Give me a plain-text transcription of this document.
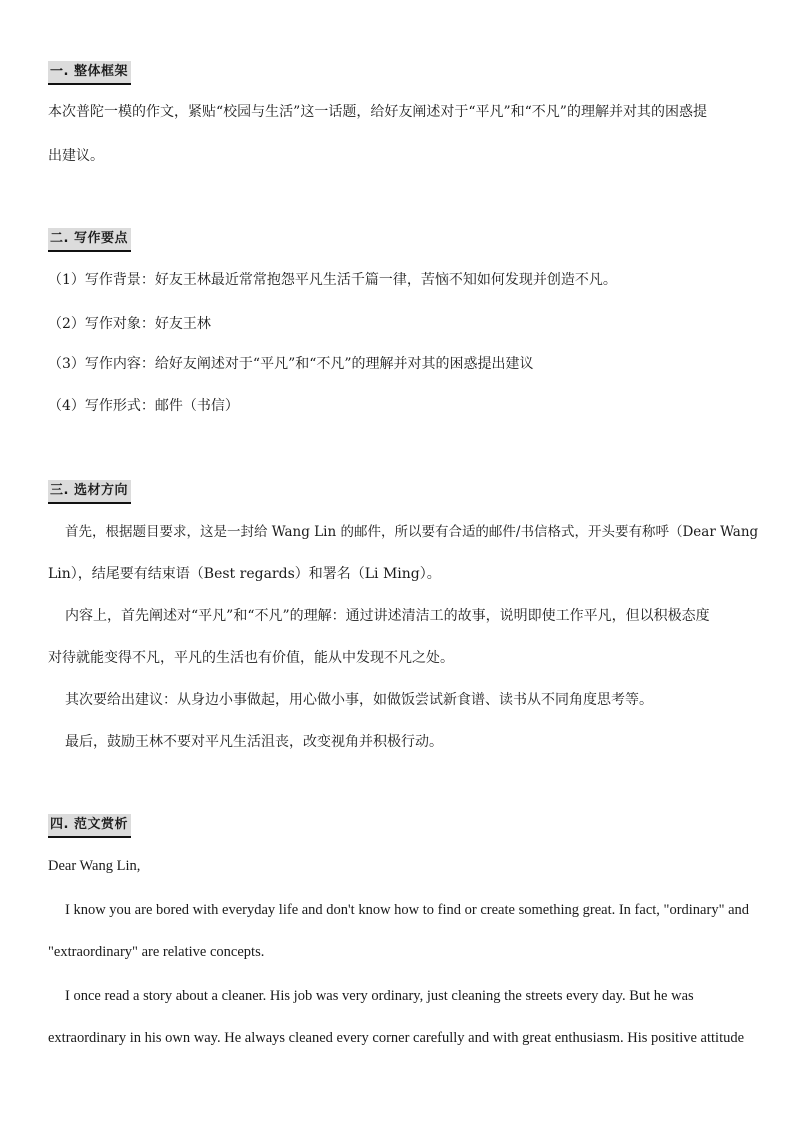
一. 整体框架
本次普陀一模的作文，紧贴“校园与生活”这一话题，给好友阐述对于“平凡”和“不凡”的理解并对其的困惑提
出建议。
二. 写作要点
（1）写作背景：好友王林最近常常抱怨平凡生活千篇一律，苦恼不知如何发现并创造不凡。
（2）写作对象：好友王林
（3）写作内容：给好友阐述对于“平凡”和“不凡”的理解并对其的困惑提出建议
（4）写作形式：邮件（书信）
三. 选材方向
首先，根据题目要求，这是一封给 Wang Lin 的邮件，所以要有合适的邮件/书信格式，开头要有称呼（Dear Wang
Lin），结尾要有结束语（Best regards）和署名（Li Ming）。
内容上，首先阐述对“平凡”和“不凡”的理解：通过讲述清洁工的故事，说明即使工作平凡，但以积极态度
对待就能变得不凡，平凡的生活也有价值，能从中发现不凡之处。
其次要给出建议：从身边小事做起，用心做小事，如做饭尝试新食谱、读书从不同角度思考等。
最后，鼓励王林不要对平凡生活沮丧，改变视角并积极行动。
四. 范文赏析
Dear Wang Lin,
I know you are bored with everyday life and don't know how to find or create something great. In fact, "ordinary" and
"extraordinary" are relative concepts.
I once read a story about a cleaner. His job was very ordinary, just cleaning the streets every day. But he was
extraordinary in his own way. He always cleaned every corner carefully and with great enthusiasm. His positive attitude
